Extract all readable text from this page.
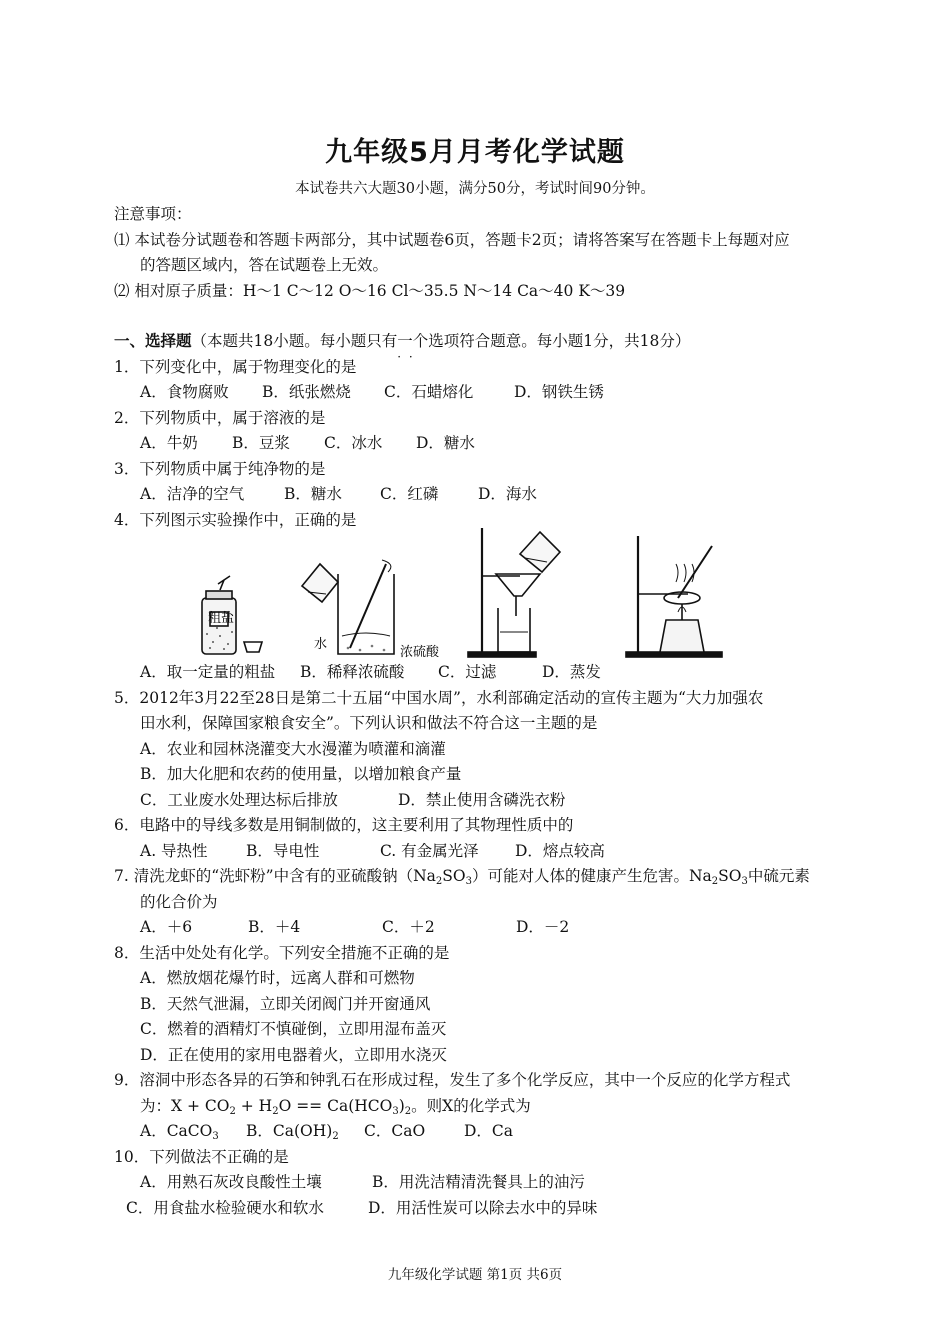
九年级5月月考化学试题
本试卷共六大题30小题，满分50分，考试时间90分钟。
注意事项：
⑴ 本试卷分试题卷和答题卡两部分，其中试题卷6页，答题卡2页；请将答案写在答题卡上每题对应
的答题区域内，答在试题卷上无效。
⑵ 相对原子质量：H～1 C～12 O～16 Cl～35.5 N～14 Ca～40 K～39
一、选择题（本题共18小题。每小题只有一个 · ·选项符合题意。每小题1分，共18分）
1．下列变化中，属于物理变化的是
A．食物腐败 B．纸张燃烧 C．石蜡熔化	D．钢铁生锈
2．下列物质中，属于溶液的是
A．牛奶 B．豆浆 C．冰水 D．糖水
3．下列物质中属于纯净物的是
A．洁净的空气	B．糖水 C．红磷	D．海水
4．下列图示实验操作中，正确的是
粗盐
水
浓硫酸
A．取一定量的粗盐 B．稀释浓硫酸 C．过滤	D．蒸发
5．2012年3月22至28日是第二十五届“中国水周”，水利部确定活动的宣传主题为“大力加强农
田水利，保障国家粮食安全”。下列认识和做法不符合这一主题的是
A．农业和园林浇灌变大水漫灌为喷灌和滴灌
B．加大化肥和农药的使用量，以增加粮食产量
C．工业废水处理达标后排放	D．禁止使用含磷洗衣粉
6．电路中的导线多数是用铜制做的，这主要利用了其物理性质中的
A. 导热性 B．导电性	C. 有金属光泽 D．熔点较高
7. 清洗龙虾的“洗虾粉”中含有的亚硫酸钠$(Na_2SO_3)$可能对人体的健康产生危害。$Na_2SO_3$中硫元素
的化合价为
A．＋6	B．＋4	C．＋2	D．－2
8．生活中处处有化学。下列安全措施不正确的是
A．燃放烟花爆竹时，远离人群和可燃物
B．天然气泄漏，立即关闭阀门并开窗通风
C．燃着的酒精灯不慎碰倒，立即用湿布盖灭
D．正在使用的家用电器着火，立即用水浇灭
9．溶洞中形态各异的石笋和钟乳石在形成过程，发生了多个化学反应，其中一个反应的化学方程式
为：$X + CO_2 + H_2O == Ca(HCO_3)_2$。则X的化学式为
A．CaCO$_3$ B．$Ca(OH)_2$ C．CaO	D．Ca
10．下列做法不正确的是
A．用熟石灰改良酸性土壤	B．用洗洁精清洗餐具上的油污
C．用食盐水检验硬水和软水	D．用活性炭可以除去水中的异味
九年级化学试题 第1页 共6页
